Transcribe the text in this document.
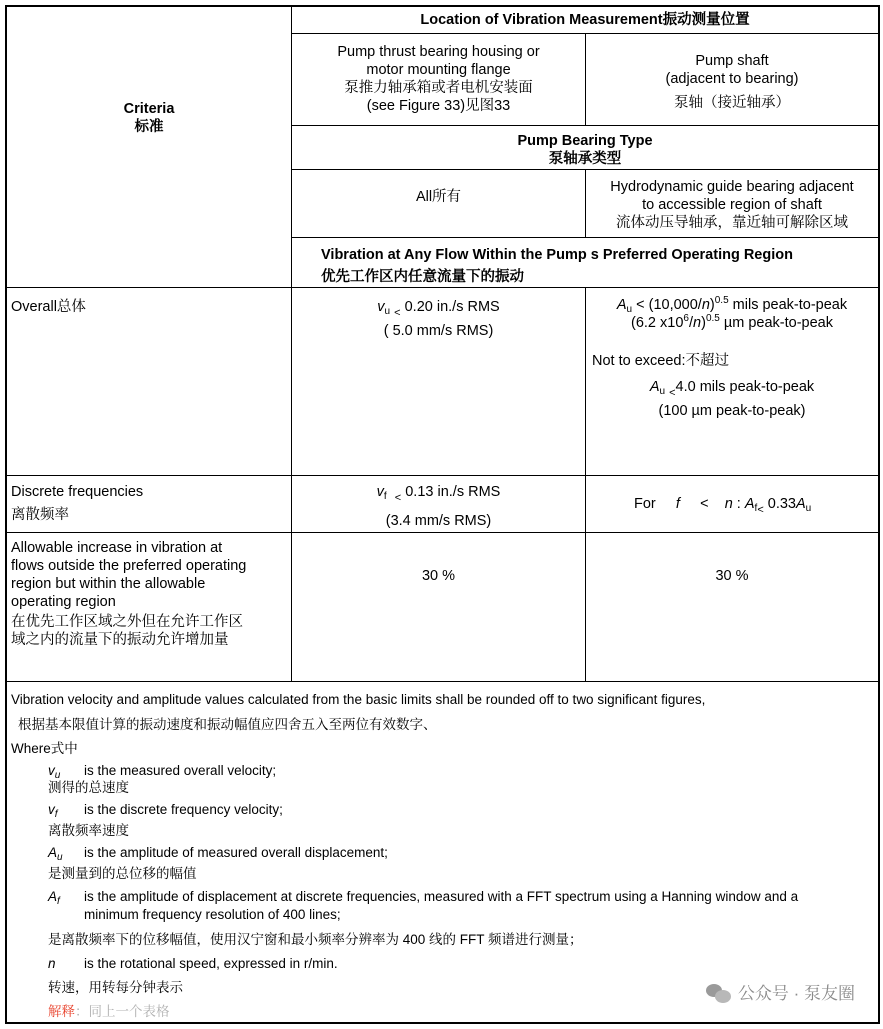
Criteria
标准
Location of Vibration Measurement振动测量位置
Pump thrust bearing housing or
motor mounting flange
泵推力轴承箱或者电机安装面
(see Figure 33)见图33
Pump shaft
(adjacent to bearing)
泵轴（接近轴承）
Pump Bearing Type
泵轴承类型
All所有
Hydrodynamic guide bearing adjacent
to accessible region of shaft
流体动压导轴承，靠近轴可解除区域
Vibration at Any Flow Within the Pump s Preferred Operating Region
优先工作区内任意流量下的振动
Overall总体	$v_u$ $_<$ 0.20 in./s RMS
( 5.0 mm/s RMS)
$A_u < (10,000/n)^{0.5}$ mils peak-to-peak
(6.2 $x10^6/n)^{0.5}$ µm peak-to-peak
Not to exceed:不超过
$A_u$ $_<$4.0 mils peak-to-peak
(100 µm peak-to-peak)
Discrete frequencies
离散频率
$v_f$ $_<$ 0.13 in./s RMS
(3.4 mm/s RMS)
For f < n : $A_{f<}$ $0.33A_u$
Allowable increase in vibration at
flows outside the preferred operating
region but within the allowable
operating region
在优先工作区域之外但在允许工作区
域之内的流量下的振动允许增加量
30 %	30 %
Vibration velocity and amplitude values calculated from the basic limits shall be rounded off to two significant figures,
根据基本限值计算的振动速度和振动幅值应四舍五入至两位有效数字、
Where式中
$v_u$ is the measured overall velocity;
测得的总速度
$v_f$ is the discrete frequency velocity;
离散频率速度
$A_u$ is the amplitude of measured overall displacement;
是测量到的总位移的幅值
$A_f$ is the amplitude of displacement at discrete frequencies, measured with a FFT spectrum using a Hanning window and a
minimum frequency resolution of 400 lines;
是离散频率下的位移幅值，使用汉宁窗和最小频率分辨率为 400 线的 FFT 频谱进行测量；
n is the rotational speed, expressed in r/min.
转速，用转每分钟表示
解释：同上一个表格
公众号 · 泵友圈
